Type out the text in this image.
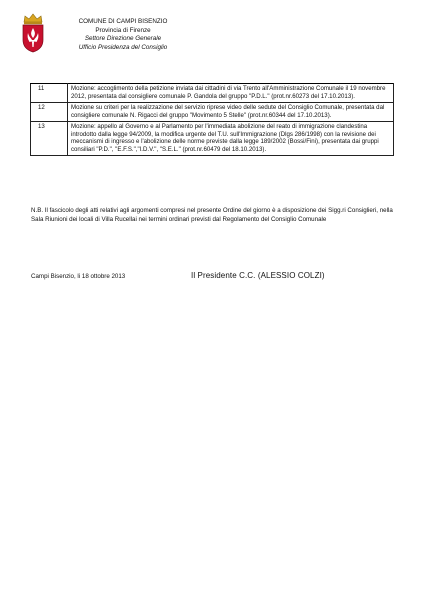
COMUNE DI CAMPI BISENZIO
Provincia di Firenze
Settore Direzione Generale
Ufficio Presidenza del Consiglio
11	Mozione: accoglimento della petizione inviata dai cittadini di via Trento all'Amministrazione Comunale il 19 novembre 2012, presentata dal consigliere comunale P. Gandola del gruppo "P.D.L." (prot.nr.60273 del 17.10.2013).
12	Mozione su criteri per la realizzazione del servizio riprese video delle sedute del Consiglio Comunale, presentata dal consigliere comunale N. Rigacci del gruppo "Movimento 5 Stelle" (prot.nr.60344 del 17.10.2013).
13	Mozione: appello al Governo e al Parlamento per l'immediata abolizione del reato di immigrazione clandestina introdotto dalla legge 94/2009, la modifica urgente del T.U. sull'Immigrazione (Dlgs 286/1998) con la revisione dei meccanismi di ingresso e l'abolizione delle norme previste dalla legge 189/2002 (Bossi/Fini), presentata dai gruppi consiliari "P.D.", "E.F.S.","I.D.V.", "S.E.L." (prot.nr.60479 del 18.10.2013).
N.B. Il fascicolo degli atti relativi agli argomenti compresi nel presente Ordine del giorno è a disposizione dei Sigg.ri Consiglieri, nella Sala Riunioni dei locali di Villa Rucellai nei termini ordinari previsti dal Regolamento del Consiglio Comunale
Campi Bisenzio, li 18 ottobre 2013	Il Presidente C.C. (ALESSIO COLZI)
